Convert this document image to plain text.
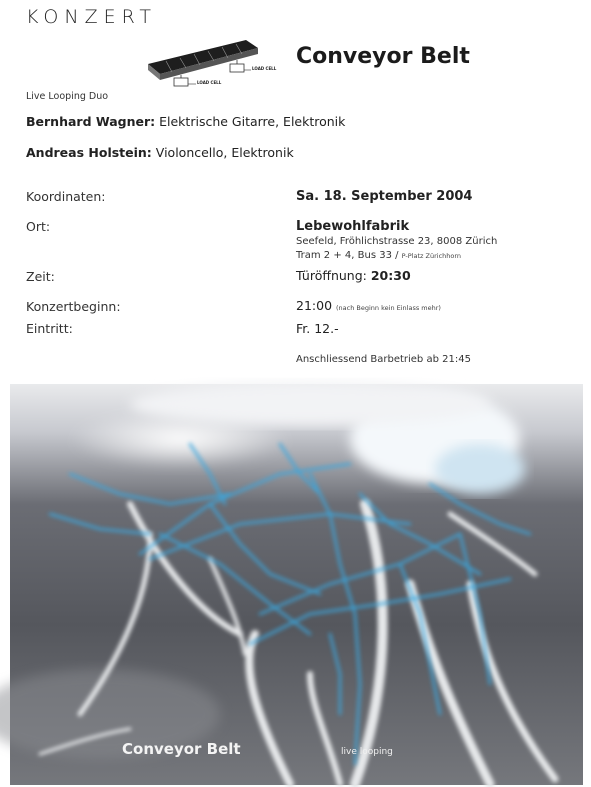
KONZERT
LOAD CELL
LOAD CELL Conveyor Belt
Live Looping Duo
Bernhard Wagner: Elektrische Gitarre, Elektronik
Andreas Holstein: Violoncello, Elektronik
Koordinaten:	Sa. 18. September 2004
Ort:	Lebewohlfabrik
Seefeld, Fröhlichstrasse 23, 8008 Zürich
Tram 2 + 4, Bus 33 / P-Platz Zürichhorn
Zeit:	Türöffnung: 20:30
Konzertbeginn:	21:00 (nach Beginn kein Einlass mehr)
Eintritt:	Fr. 12.-
Anschliessend Barbetrieb ab 21:45
Conveyor Belt	live looping
